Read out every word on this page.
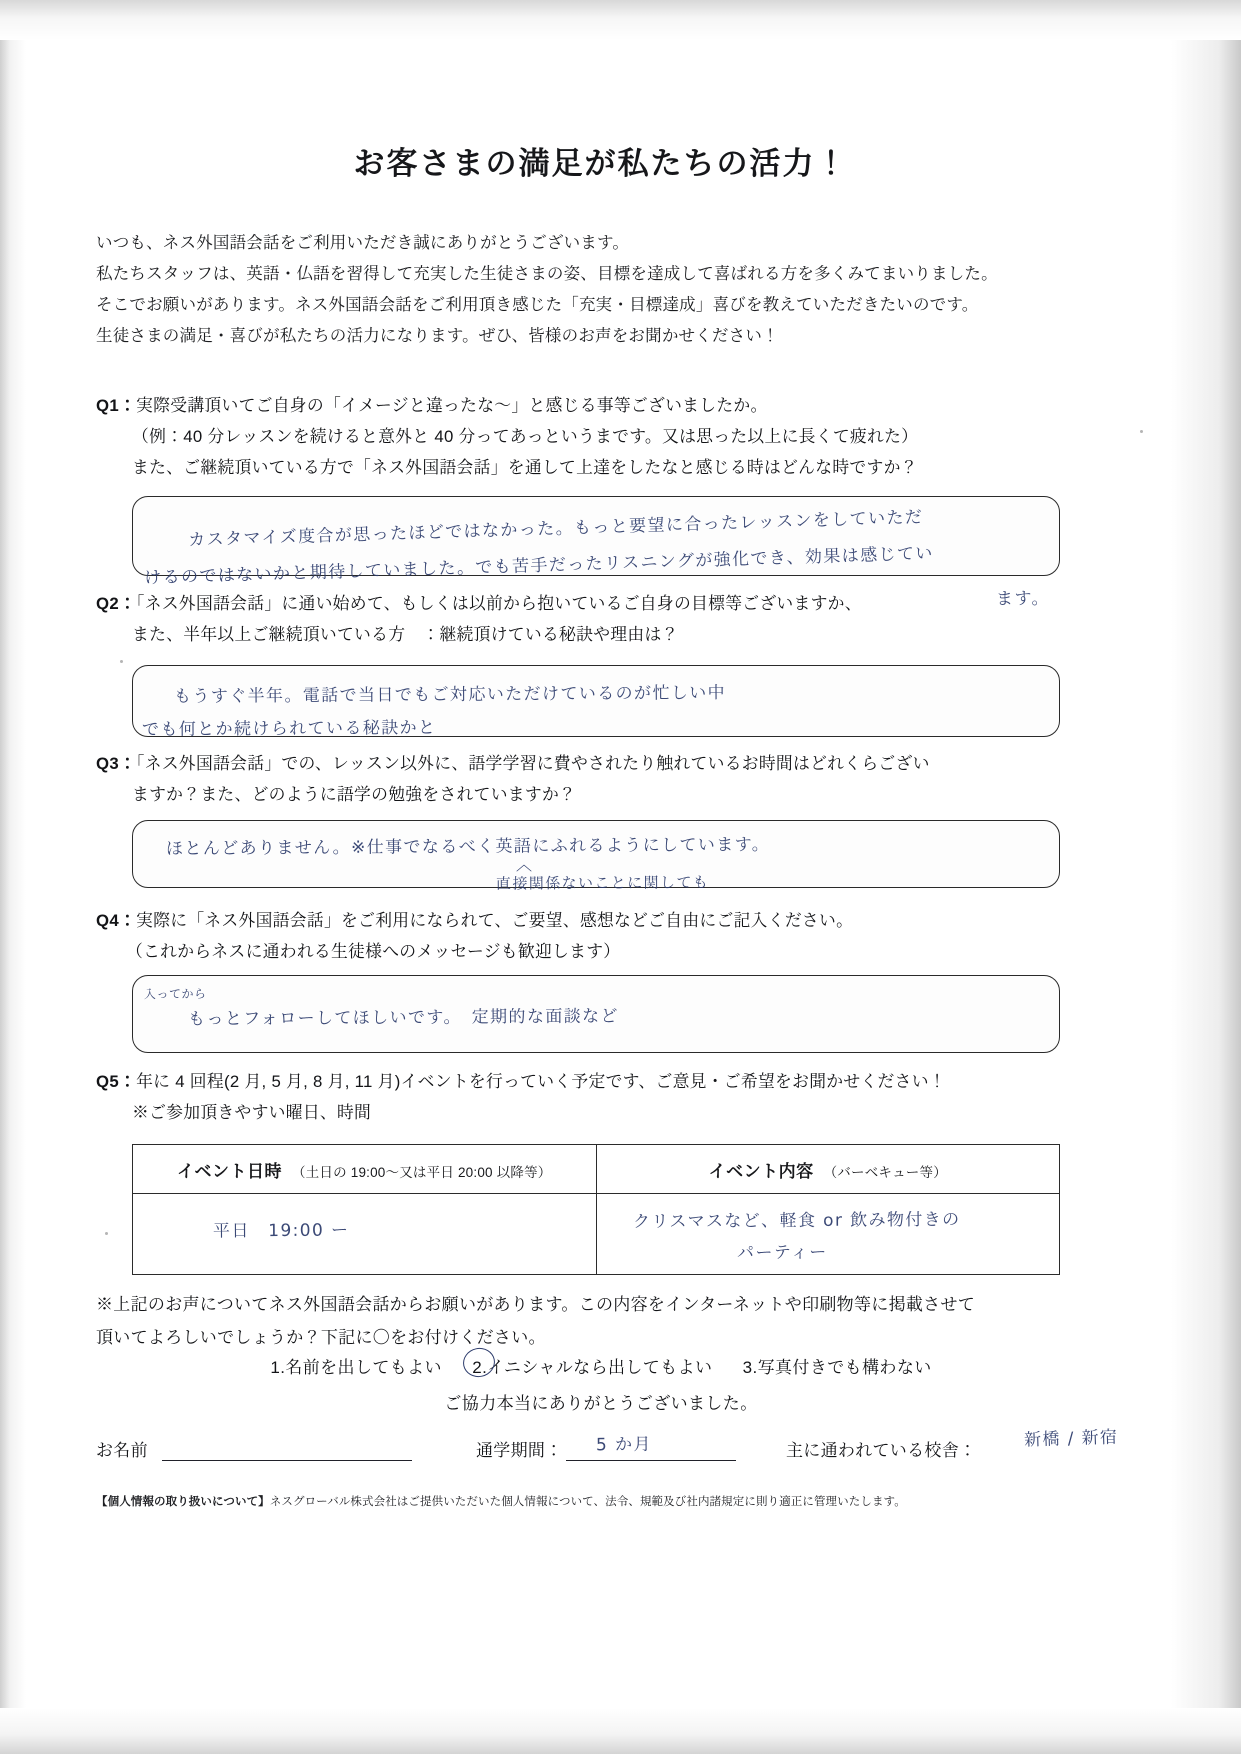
お客さまの満足が私たちの活力！
いつも、ネス外国語会話をご利用いただき誠にありがとうございます。
私たちスタッフは、英語・仏語を習得して充実した生徒さまの姿、目標を達成して喜ばれる方を多くみてまいりました。
そこでお願いがあります。ネス外国語会話をご利用頂き感じた「充実・目標達成」喜びを教えていただきたいのです。
生徒さまの満足・喜びが私たちの活力になります。ぜひ、皆様のお声をお聞かせください！
Q1：実際受講頂いてご自身の「イメージと違ったな～」と感じる事等ございましたか。
（例：40 分レッスンを続けると意外と 40 分ってあっというまです。又は思った以上に長くて疲れた）
また、ご継続頂いている方で「ネス外国語会話」を通して上達をしたなと感じる時はどんな時ですか？
カスタマイズ度合が思ったほどではなかった。もっと要望に合ったレッスンをしていただ
けるのではないかと期待していました。でも苦手だったリスニングが強化でき、効果は感じてい
ます。
Q2：「ネス外国語会話」に通い始めて、もしくは以前から抱いているご自身の目標等ございますか、
また、半年以上ご継続頂いている方　：継続頂けている秘訣や理由は？
もうすぐ半年。電話で当日でもご対応いただけているのが忙しい中
でも何とか続けられている秘訣かと
Q3：「ネス外国語会話」での、レッスン以外に、語学学習に費やされたり触れているお時間はどれくらござい
ますか？また、どのように語学の勉強をされていますか？
ほとんどありません。※仕事でなるべく英語にふれるようにしています。
︿
直接関係ないことに関しても
Q4：実際に「ネス外国語会話」をご利用になられて、ご要望、感想などご自由にご記入ください。
（これからネスに通われる生徒様へのメッセージも歓迎します）
入ってから
もっとフォローしてほしいです。　定期的な面談など
Q5：年に 4 回程(2 月, 5 月, 8 月, 11 月)イベントを行っていく予定です、ご意見・ご希望をお聞かせください！
※ご参加頂きやすい曜日、時間
イベント日時 （土日の 19:00～又は平日 20:00 以降等）	イベント内容 （バーベキュー等）

平日　19:00 ー	クリスマスなど、軽食 or 飲み物付きの
パーティー
※上記のお声についてネス外国語会話からお願いがあります。この内容をインターネットや印刷物等に掲載させて
頂いてよろしいでしょうか？下記に〇をお付けください。
1.名前を出してもよい 2.イニシャルなら出してもよい 3.写真付きでも構わない
ご協力本当にありがとうございました。
お名前	通学期間： 5 か月	主に通われている校舎：
新橋 / 新宿
【個人情報の取り扱いについて】ネスグローバル株式会社はご提供いただいた個人情報について、法令、規範及び社内諸規定に則り適正に管理いたします。
